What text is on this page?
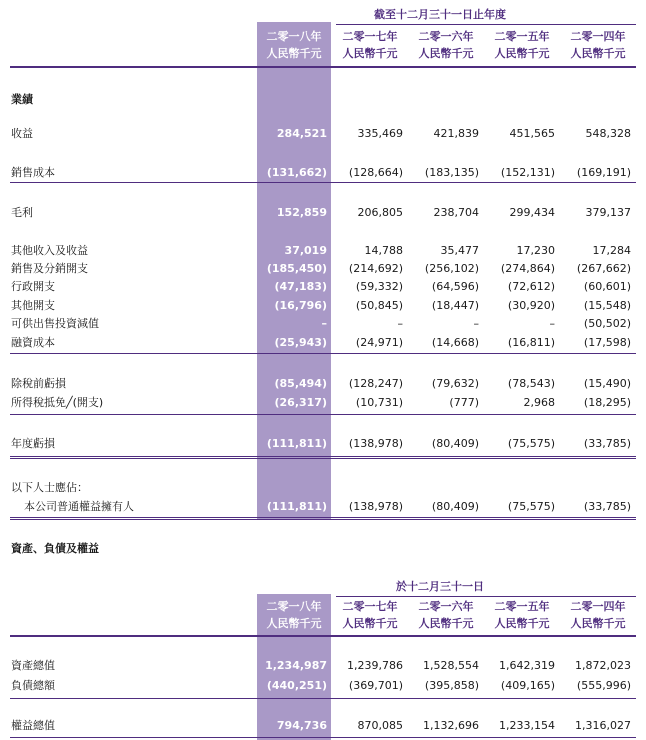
截至十二月三十一日止年度
二零一八年
人民幣千元
二零一七年
人民幣千元
二零一六年
人民幣千元
二零一五年
人民幣千元
二零一四年
人民幣千元
業績
收益	284,521	335,469	421,839	451,565	548,328
銷售成本	(131,662)	(128,664)	(183,135)	(152,131)	(169,191)
毛利	152,859	206,805	238,704	299,434	379,137
其他收入及收益	37,019	14,788	35,477	17,230	17,284
銷售及分銷開支	(185,450)	(214,692)	(256,102)	(274,864)	(267,662)
行政開支	(47,183)	(59,332)	(64,596)	(72,612)	(60,601)
其他開支	(16,796)	(50,845)	(18,447)	(30,920)	(15,548)
可供出售投資減值	–	–	–	–	(50,502)
融資成本	(25,943)	(24,971)	(14,668)	(16,811)	(17,598)
除稅前虧損	(85,494)	(128,247)	(79,632)	(78,543)	(15,490)
所得稅抵免╱(開支)	(26,317)	(10,731)	(777)	2,968	(18,295)
年度虧損	(111,811)	(138,978)	(80,409)	(75,575)	(33,785)
以下人士應佔：
本公司普通權益擁有人	(111,811)	(138,978)	(80,409)	(75,575)	(33,785)
資產、負債及權益
於十二月三十一日
二零一八年
人民幣千元
二零一七年
人民幣千元
二零一六年
人民幣千元
二零一五年
人民幣千元
二零一四年
人民幣千元
資產總值	1,234,987	1,239,786	1,528,554	1,642,319	1,872,023
負債總額	(440,251)	(369,701)	(395,858)	(409,165)	(555,996)
權益總值	794,736	870,085	1,132,696	1,233,154	1,316,027
